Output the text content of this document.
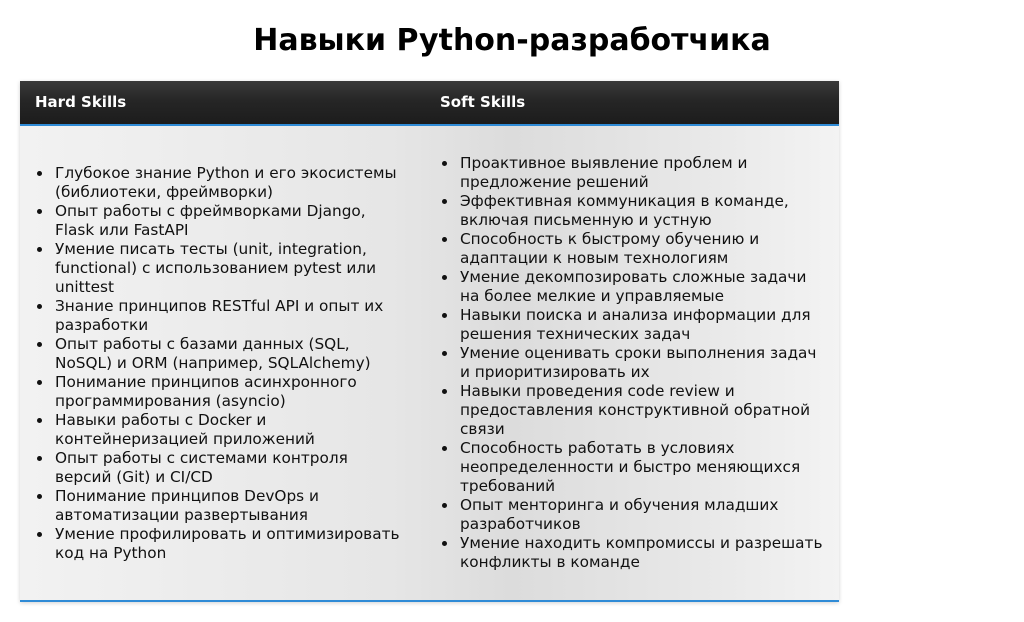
Навыки Python-разработчика
Hard Skills	Soft Skills
Глубокое знание Python и его экосистемы (библиотеки, фреймворки)
Опыт работы с фреймворками Django, Flask или FastAPI
Умение писать тесты (unit, integration, functional) с использованием pytest или unittest
Знание принципов RESTful API и опыт их разработки
Опыт работы с базами данных (SQL, NoSQL) и ORM (например, SQLAlchemy)
Понимание принципов асинхронного программирования (asyncio)
Навыки работы с Docker и контейнеризацией приложений
Опыт работы с системами контроля версий (Git) и CI/CD
Понимание принципов DevOps и автоматизации развертывания
Умение профилировать и оптимизировать код на Python
Проактивное выявление проблем и предложение решений
Эффективная коммуникация в команде, включая письменную и устную
Способность к быстрому обучению и адаптации к новым технологиям
Умение декомпозировать сложные задачи на более мелкие и управляемые
Навыки поиска и анализа информации для решения технических задач
Умение оценивать сроки выполнения задач и приоритизировать их
Навыки проведения code review и предоставления конструктивной обратной связи
Способность работать в условиях неопределенности и быстро меняющихся требований
Опыт менторинга и обучения младших разработчиков
Умение находить компромиссы и разрешать конфликты в команде
